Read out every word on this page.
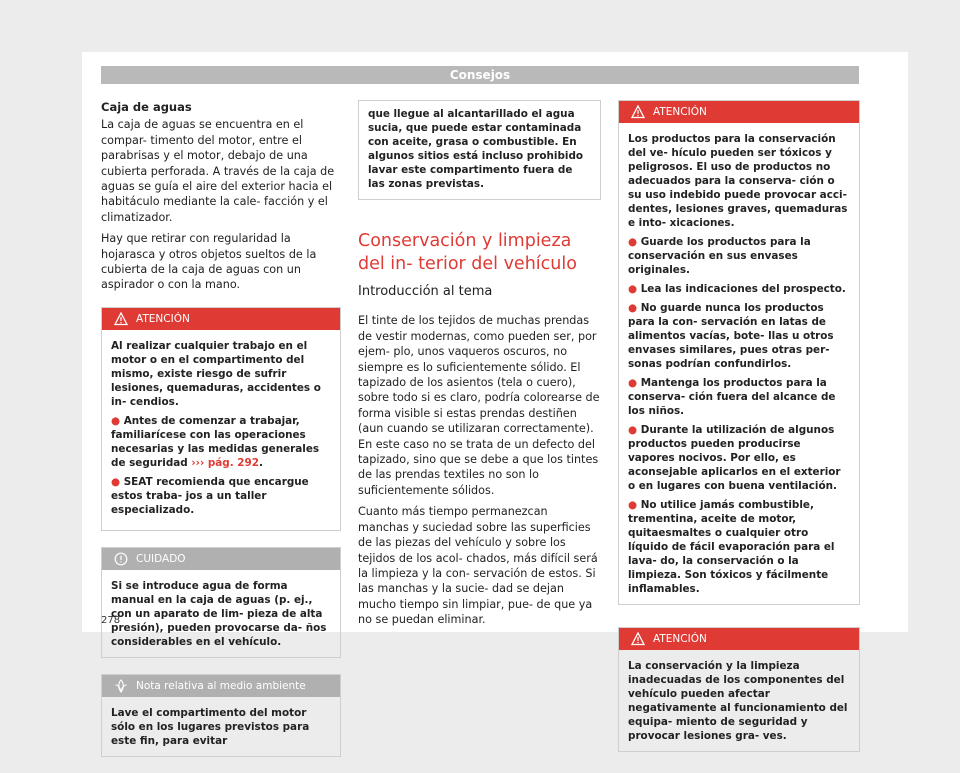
Consejos
Caja de aguas

La caja de aguas se encuentra en el compar- timento del motor, entre el parabrisas y el motor, debajo de una cubierta perforada. A través de la caja de aguas se guía el aire del exterior hacia el habitáculo mediante la cale- facción y el climatizador.

Hay que retirar con regularidad la hojarasca y otros objetos sueltos de la cubierta de la caja de aguas con un aspirador o con la mano.

ATENCIÓN

Al realizar cualquier trabajo en el motor o en el compartimento del mismo, existe riesgo de sufrir lesiones, quemaduras, accidentes o in- cendios.

● Antes de comenzar a trabajar, familiarícese con las operaciones necesarias y las medidas generales de seguridad ››› pág. 292.
● SEAT recomienda que encargue estos traba- jos a un taller especializado.
CUIDADO

Si se introduce agua de forma manual en la caja de aguas (p. ej., con un aparato de lim- pieza de alta presión), pueden provocarse da- ños considerables en el vehículo.

Nota relativa al medio ambiente

Lave el compartimento del motor sólo en los lugares previstos para este fin, para evitar

que llegue al alcantarillado el agua sucia, que puede estar contaminada con aceite, grasa o combustible. En algunos sitios está incluso prohibido lavar este compartimento fuera de las zonas previstas.

Conservación y limpieza del in- terior del vehículo
Introducción al tema

El tinte de los tejidos de muchas prendas de vestir modernas, como pueden ser, por ejem- plo, unos vaqueros oscuros, no siempre es lo suficientemente sólido. El tapizado de los asientos (tela o cuero), sobre todo si es claro, podría colorearse de forma visible si estas prendas destiñen (aun cuando se utilizaran correctamente). En este caso no se trata de un defecto del tapizado, sino que se debe a que los tintes de las prendas textiles no son lo suficientemente sólidos.

Cuanto más tiempo permanezcan manchas y suciedad sobre las superficies de las piezas del vehículo y sobre los tejidos de los acol- chados, más difícil será la limpieza y la con- servación de estos. Si las manchas y la sucie- dad se dejan mucho tiempo sin limpiar, pue- de que ya no se puedan eliminar.

ATENCIÓN

Los productos para la conservación del ve- hículo pueden ser tóxicos y peligrosos. El uso de productos no adecuados para la conserva- ción o su uso indebido puede provocar acci- dentes, lesiones graves, quemaduras e into- xicaciones.

● Guarde los productos para la conservación en sus envases originales.
● Lea las indicaciones del prospecto.
● No guarde nunca los productos para la con- servación en latas de alimentos vacías, bote- llas u otros envases similares, pues otras per- sonas podrían confundirlos.
● Mantenga los productos para la conserva- ción fuera del alcance de los niños.
● Durante la utilización de algunos productos pueden producirse vapores nocivos. Por ello, es aconsejable aplicarlos en el exterior o en lugares con buena ventilación.
● No utilice jamás combustible, trementina, aceite de motor, quitaesmaltes o cualquier otro líquido de fácil evaporación para el lava- do, la conservación o la limpieza. Son tóxicos y fácilmente inflamables.
ATENCIÓN

La conservación y la limpieza inadecuadas de los componentes del vehículo pueden afectar negativamente al funcionamiento del equipa- miento de seguridad y provocar lesiones gra- ves.

278
